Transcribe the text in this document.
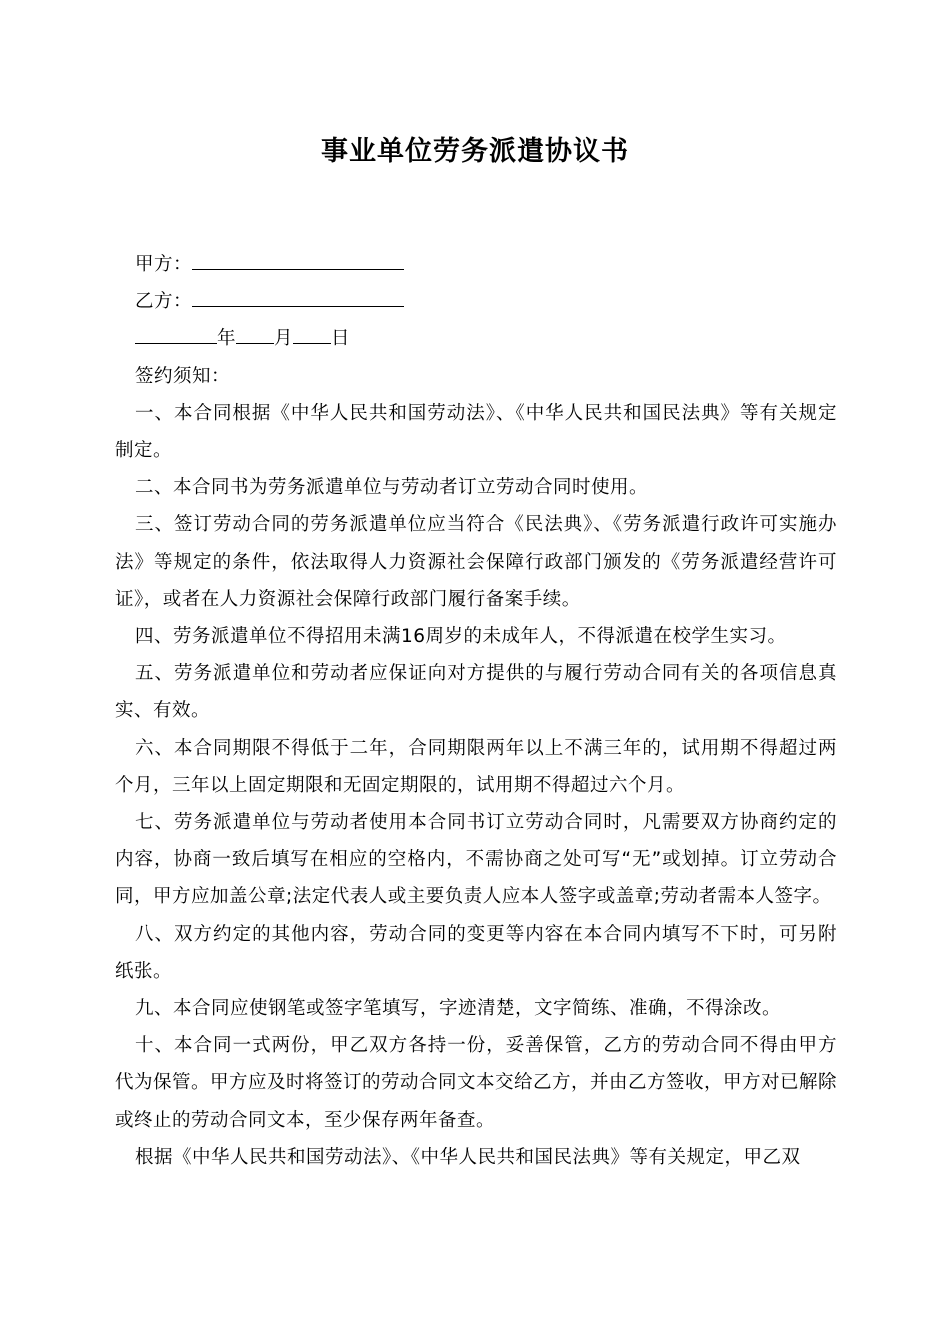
事业单位劳务派遣协议书

甲方：

乙方：

年 月 日

签约须知：

一、本合同根据《中华人民共和国劳动法》、《中华人民共和国民法典》等有关规定制定。

二、本合同书为劳务派遣单位与劳动者订立劳动合同时使用。

三、签订劳动合同的劳务派遣单位应当符合《民法典》、《劳务派遣行政许可实施办法》等规定的条件，依法取得人力资源社会保障行政部门颁发的《劳务派遣经营许可证》，或者在人力资源社会保障行政部门履行备案手续。

四、劳务派遣单位不得招用未满16周岁的未成年人，不得派遣在校学生实习。

五、劳务派遣单位和劳动者应保证向对方提供的与履行劳动合同有关的各项信息真实、有效。

六、本合同期限不得低于二年，合同期限两年以上不满三年的，试用期不得超过两个月，三年以上固定期限和无固定期限的，试用期不得超过六个月。

七、劳务派遣单位与劳动者使用本合同书订立劳动合同时，凡需要双方协商约定的内容，协商一致后填写在相应的空格内，不需协商之处可写“无”或划掉。订立劳动合同，甲方应加盖公章;法定代表人或主要负责人应本人签字或盖章;劳动者需本人签字。

八、双方约定的其他内容，劳动合同的变更等内容在本合同内填写不下时，可另附纸张。

九、本合同应使钢笔或签字笔填写，字迹清楚，文字简练、准确，不得涂改。

十、本合同一式两份，甲乙双方各持一份，妥善保管，乙方的劳动合同不得由甲方代为保管。甲方应及时将签订的劳动合同文本交给乙方，并由乙方签收，甲方对已解除或终止的劳动合同文本，至少保存两年备查。

根据《中华人民共和国劳动法》、《中华人民共和国民法典》等有关规定，甲乙双
